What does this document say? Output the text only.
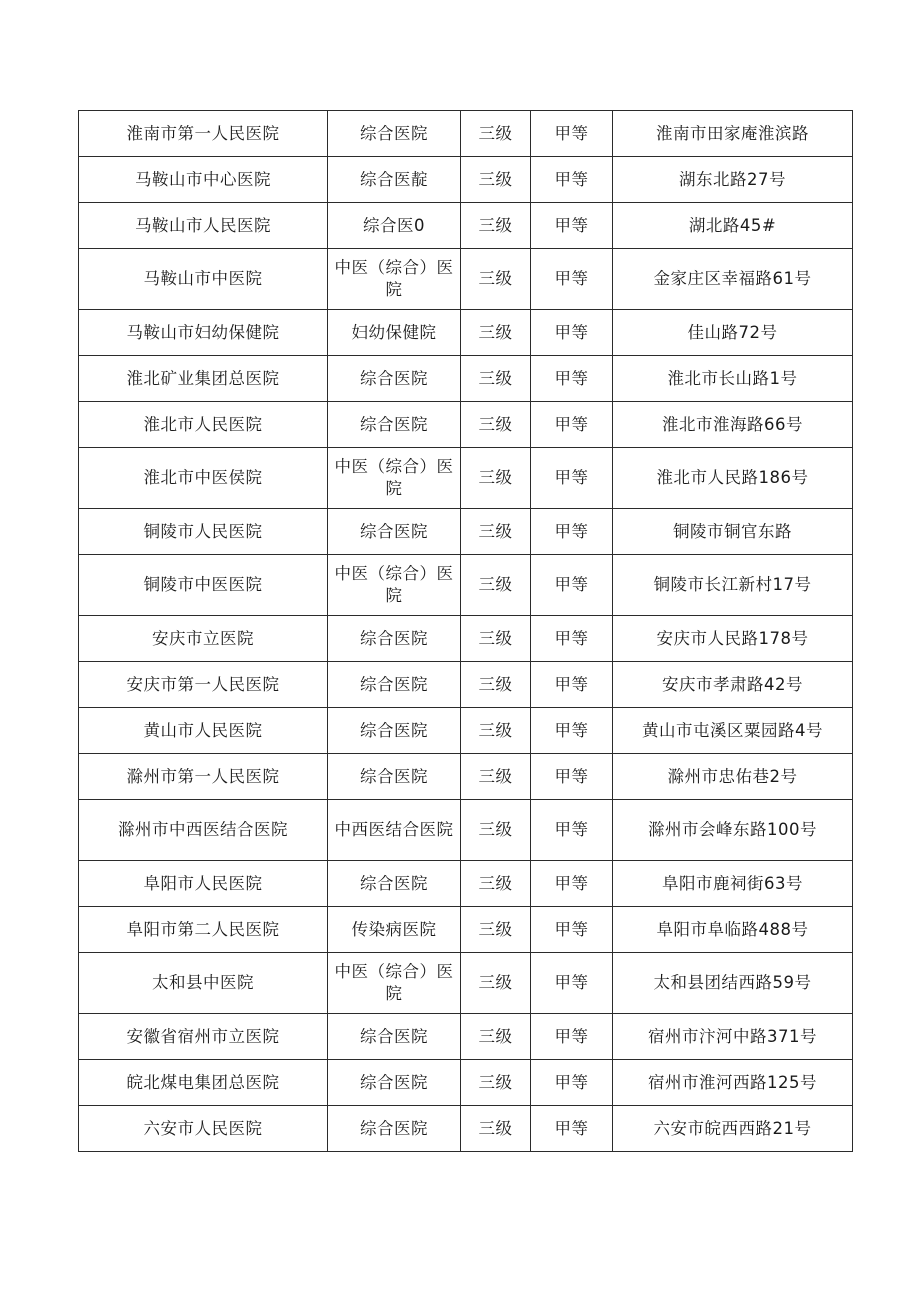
淮南市第一人民医院	综合医院	三级	甲等	淮南市田家庵淮滨路
马鞍山市中心医院	综合医靛	三级	甲等	湖东北路27号
马鞍山市人民医院	综合医0	三级	甲等	湖北路45#
马鞍山市中医院	中医（综合）医院	三级	甲等	金家庄区幸福路61号
马鞍山市妇幼保健院	妇幼保健院	三级	甲等	佳山路72号
淮北矿业集团总医院	综合医院	三级	甲等	淮北市长山路1号
淮北市人民医院	综合医院	三级	甲等	淮北市淮海路66号
淮北市中医侯院	中医（综合）医院	三级	甲等	淮北市人民路186号
铜陵市人民医院	综合医院	三级	甲等	铜陵市铜官东路
铜陵市中医医院	中医（综合）医院	三级	甲等	铜陵市长江新村17号
安庆市立医院	综合医院	三级	甲等	安庆市人民路178号
安庆市第一人民医院	综合医院	三级	甲等	安庆市孝肃路42号
黄山市人民医院	综合医院	三级	甲等	黄山市屯溪区粟园路4号
滁州市第一人民医院	综合医院	三级	甲等	滁州市忠佑巷2号
滁州市中西医结合医院	中西医结合医院	三级	甲等	滁州市会峰东路100号
阜阳市人民医院	综合医院	三级	甲等	阜阳市鹿祠街63号
阜阳市第二人民医院	传染病医院	三级	甲等	阜阳市阜临路488号
太和县中医院	中医（综合）医院	三级	甲等	太和县团结西路59号
安徽省宿州市立医院	综合医院	三级	甲等	宿州市汴河中路371号
皖北煤电集团总医院	综合医院	三级	甲等	宿州市淮河西路125号
六安市人民医院	综合医院	三级	甲等	六安市皖西西路21号
